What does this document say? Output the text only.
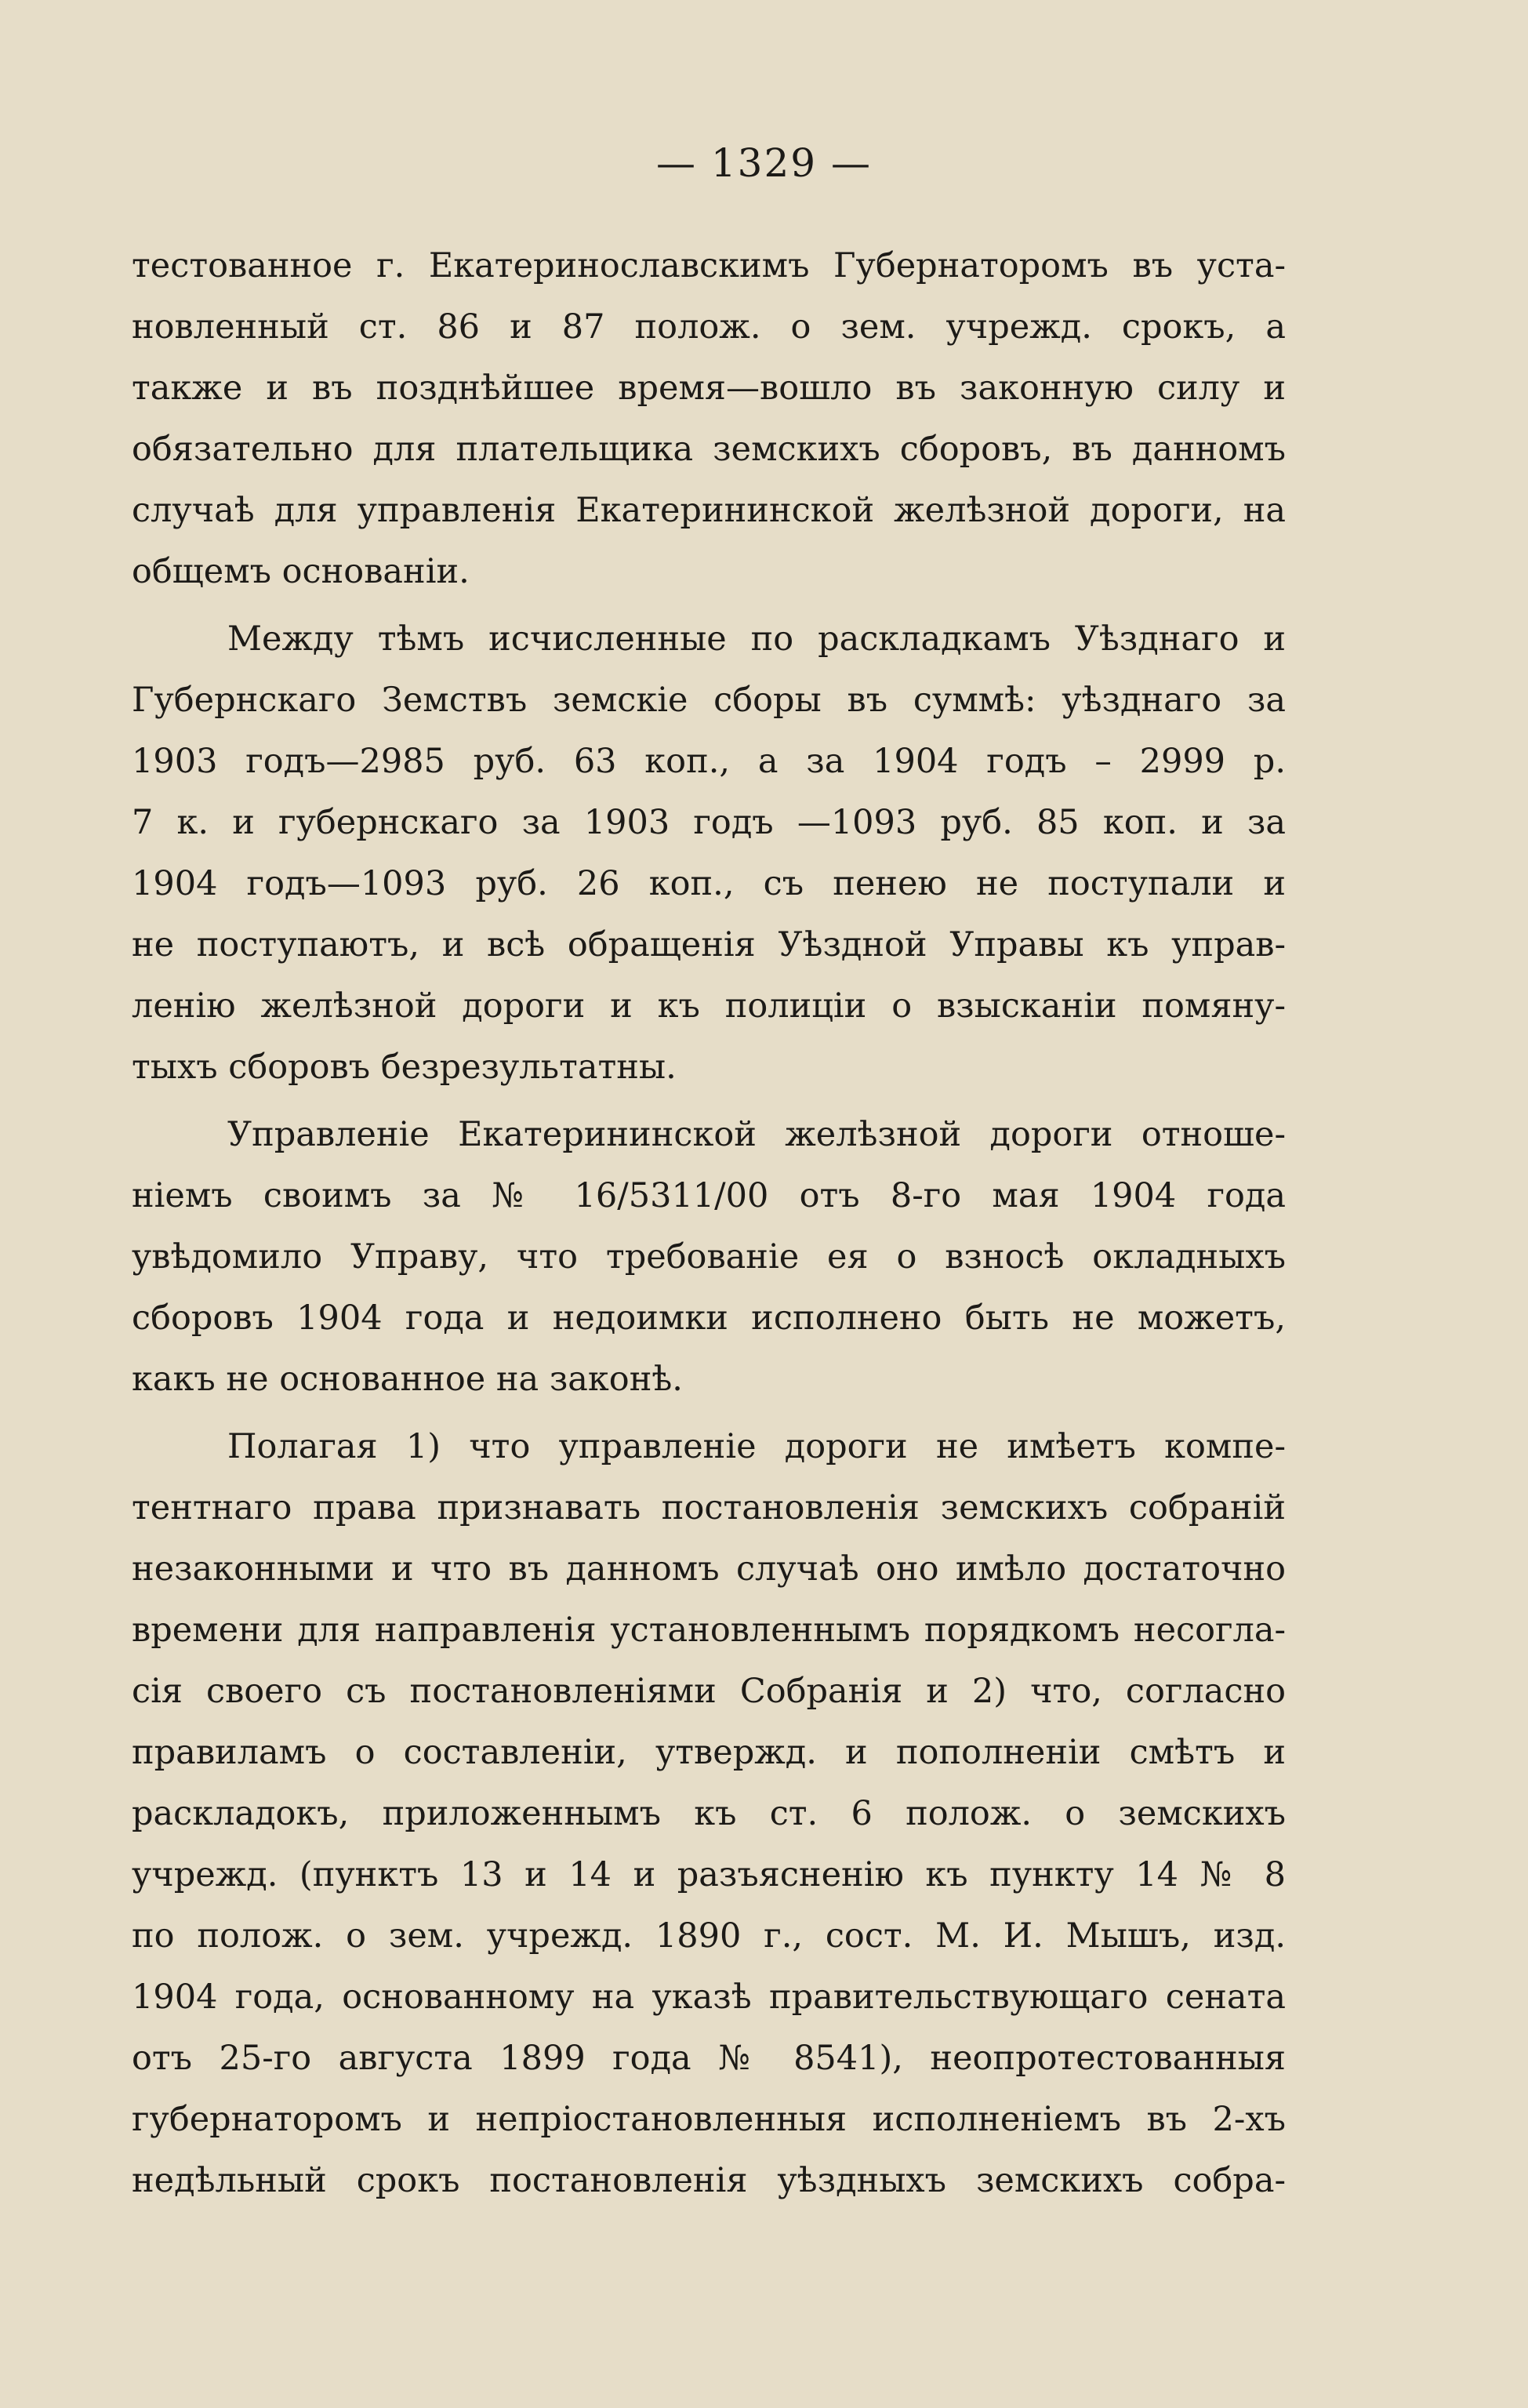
— 1329 —
тестованное г. Екатеринославскимъ Губернаторомъ въ уста-
новленный ст. 86 и 87 полож. о зем. учрежд. срокъ, а
также и въ позднѣйшее время—вошло въ законную силу и
обязательно для плательщика земскихъ сборовъ, въ данномъ
случаѣ для управленія Екатерининской желѣзной дороги, на
общемъ основаніи.
Между тѣмъ исчисленные по раскладкамъ Уѣзднаго и
Губернскаго Земствъ земскіе сборы въ суммѣ: уѣзднаго за
1903 годъ—2985 руб. 63 коп., а за 1904 годъ – 2999 р.
7 к. и губернскаго за 1903 годъ —1093 руб. 85 коп. и за
1904 годъ—1093 руб. 26 коп., съ пенею не поступали и
не поступаютъ, и всѣ обращенія Уѣздной Управы къ управ-
ленію желѣзной дороги и къ полиціи о взысканіи помяну-
тыхъ сборовъ безрезультатны.
Управленіе Екатерининской желѣзной дороги отноше-
ніемъ своимъ за № 16/5311/00 отъ 8-го мая 1904 года
увѣдомило Управу, что требованіе ея о взносѣ окладныхъ
сборовъ 1904 года и недоимки исполнено быть не можетъ,
какъ не основанное на законѣ.
Полагая 1) что управленіе дороги не имѣетъ компе-
тентнаго права признавать постановленія земскихъ собраній
незаконными и что въ данномъ случаѣ оно имѣло достаточно
времени для направленія установленнымъ порядкомъ несогла-
сія своего съ постановленіями Собранія и 2) что, согласно
правиламъ о составленіи, утвержд. и пополненіи смѣтъ и
раскладокъ, приложеннымъ къ ст. 6 полож. о земскихъ
учрежд. (пунктъ 13 и 14 и разъясненію къ пункту 14 № 8
по полож. о зем. учрежд. 1890 г., сост. М. И. Мышъ, изд.
1904 года, основанному на указѣ правительствующаго сената
отъ 25-го августа 1899 года № 8541), неопротестованныя
губернаторомъ и непріостановленныя исполненіемъ въ 2-хъ
недѣльный срокъ постановленія уѣздныхъ земскихъ собра-
